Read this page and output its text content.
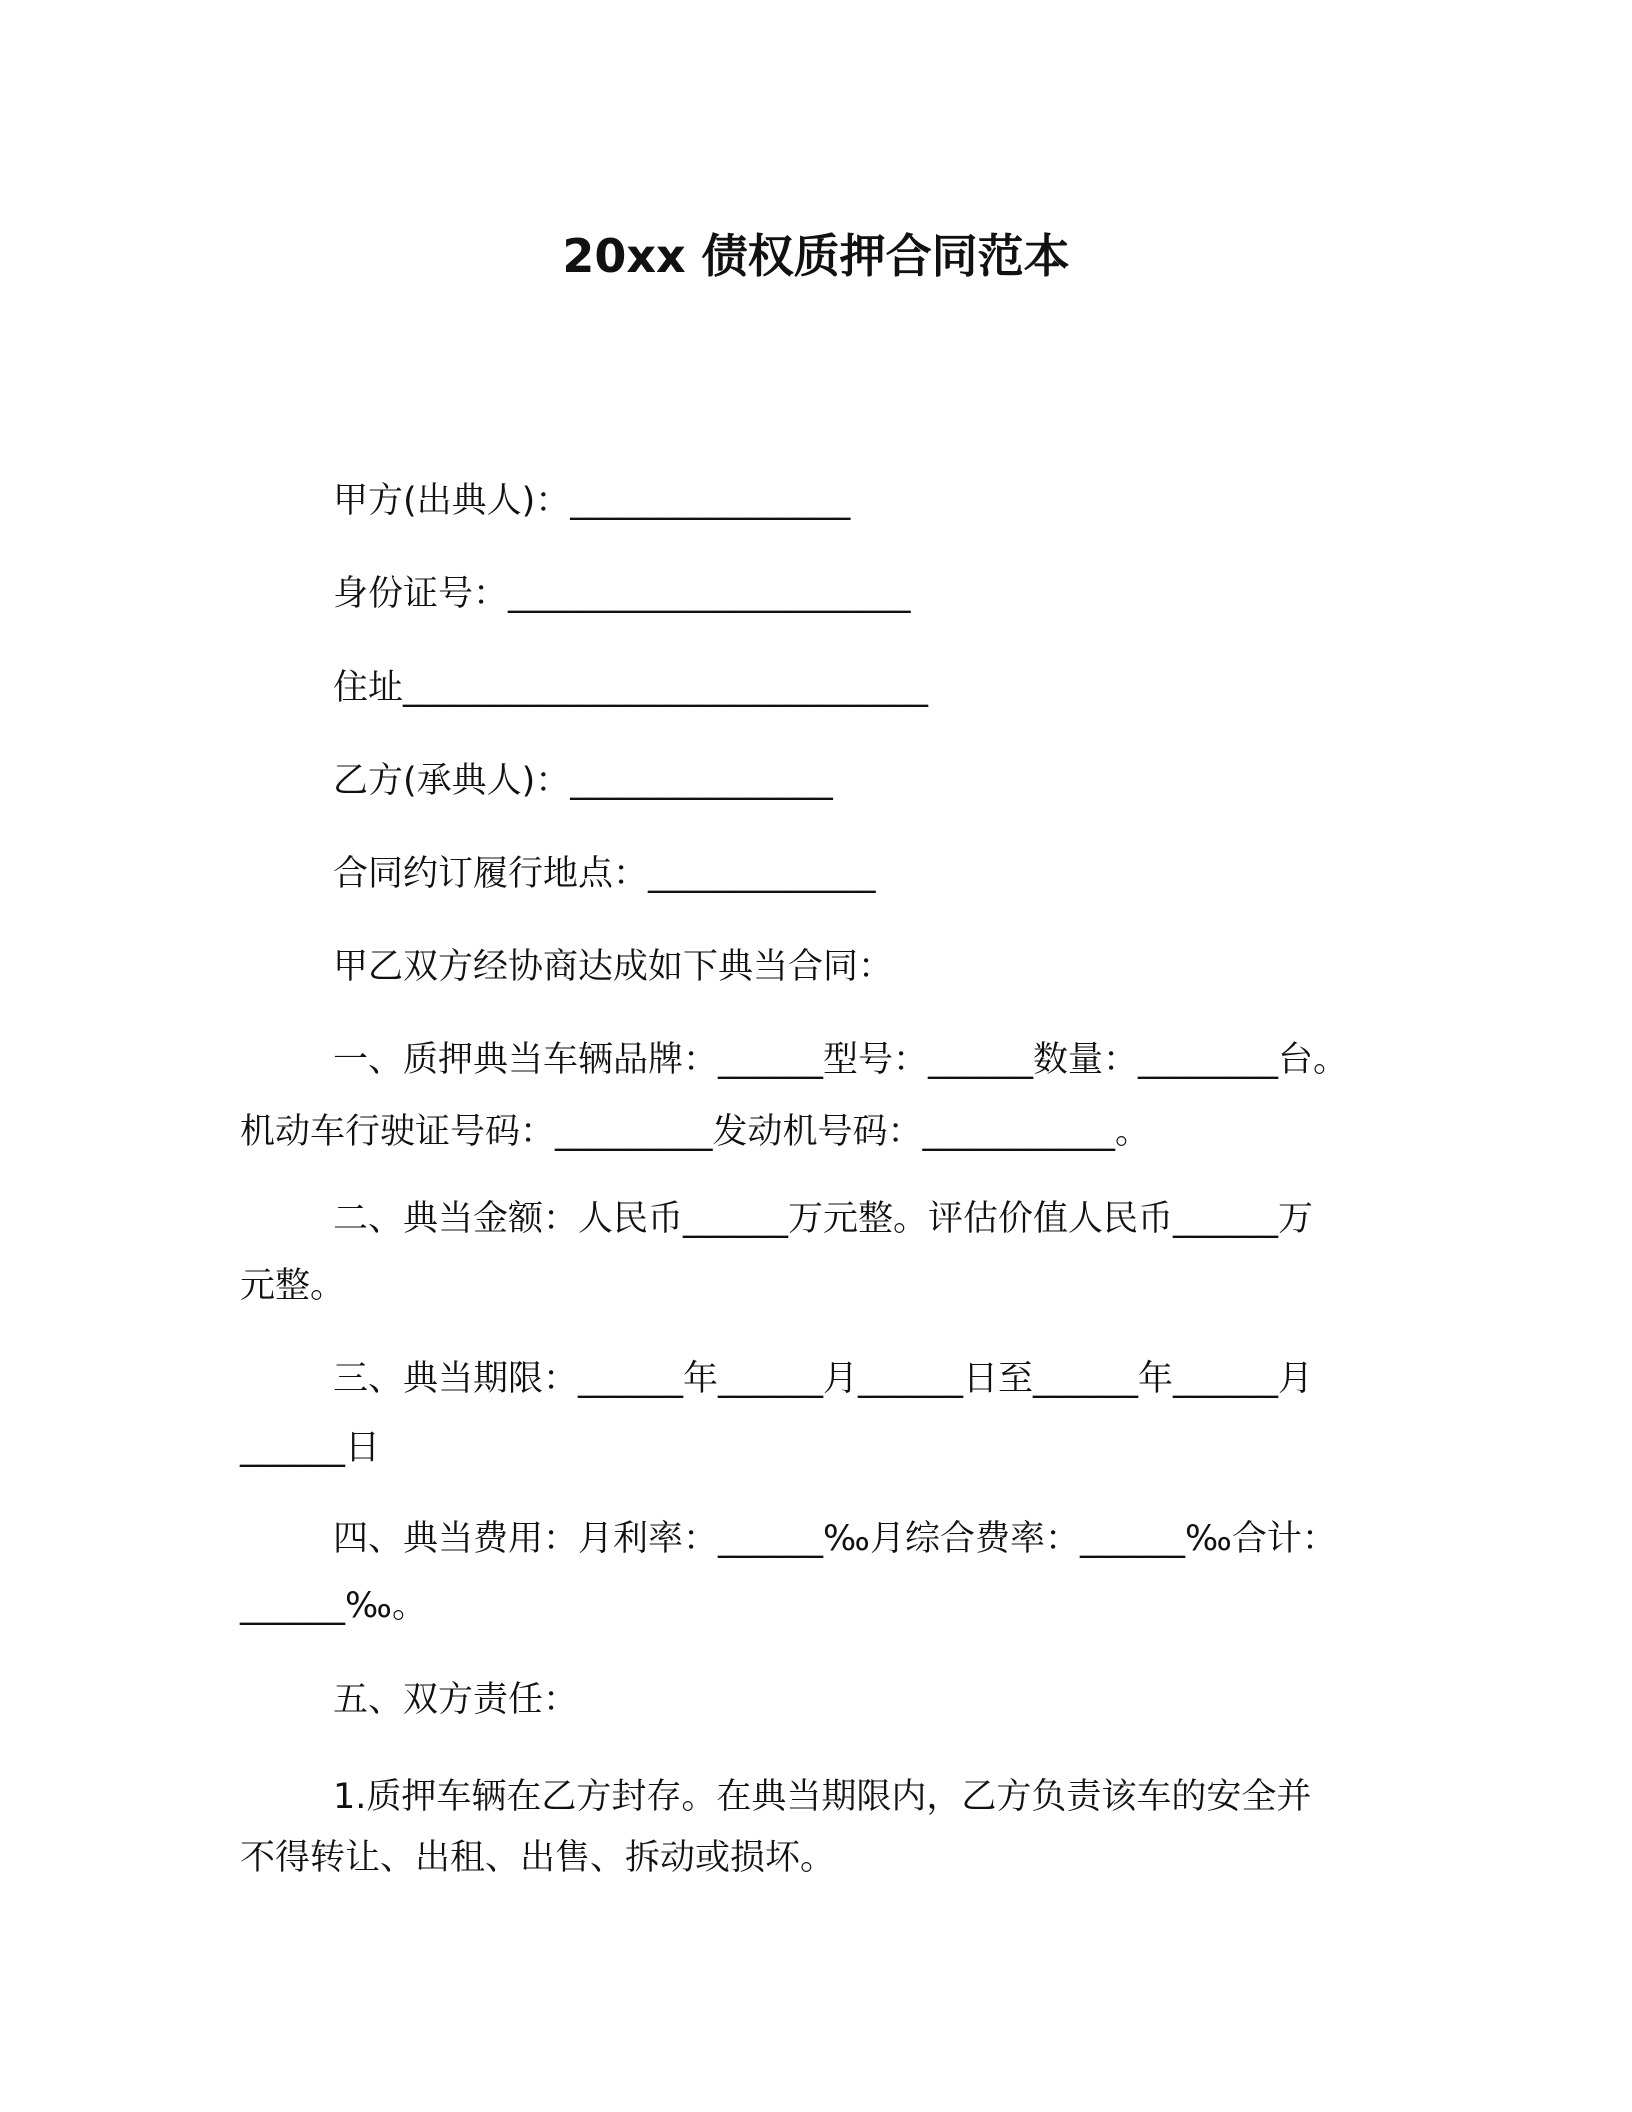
20xx 债权质押合同范本

甲方(出典人)：________________

身份证号：_______________________

住址______________________________

乙方(承典人)：_______________

合同约订履行地点：_____________

甲乙双方经协商达成如下典当合同：

一、质押典当车辆品牌：______型号：______数量：________台。

机动车行驶证号码：_________发动机号码：___________。

二、典当金额：人民币______万元整。评估价值人民币______万

元整。

三、典当期限：______年______月______日至______年______月

______日

四、典当费用：月利率：______‰月综合费率：______‰合计：

______‰。

五、双方责任：

1.质押车辆在乙方封存。在典当期限内，乙方负责该车的安全并

不得转让、出租、出售、拆动或损坏。
